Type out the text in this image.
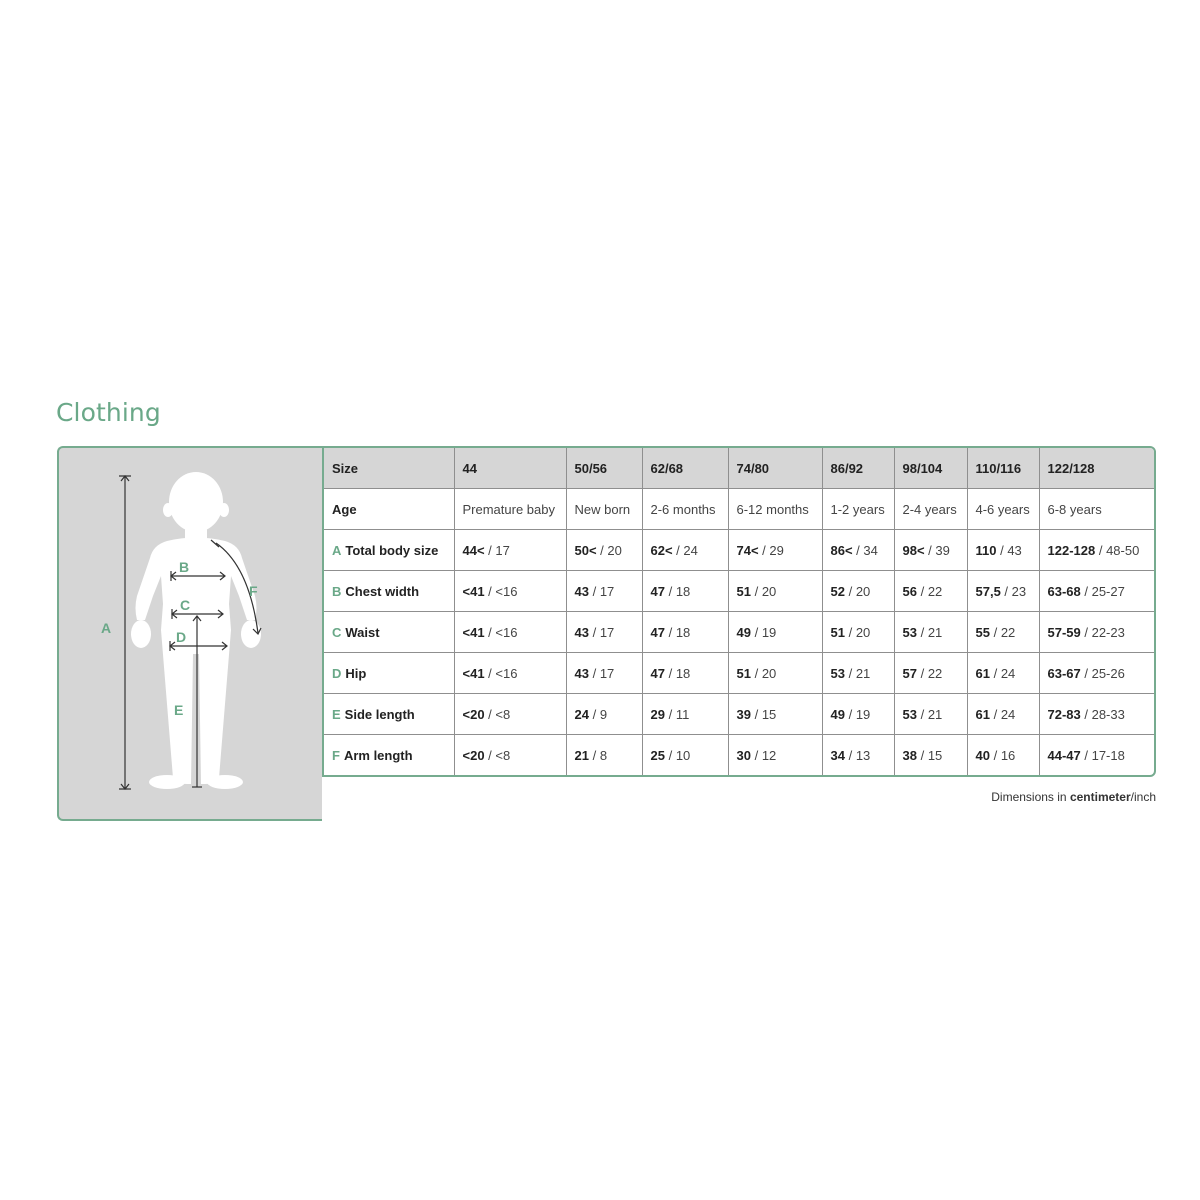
Clothing
A
B
C
D
E
F
Size	44	50/56	62/68	74/80	86/92	98/104	110/116	122/128
Age	Premature baby	New born	2-6 months	6-12 months	1-2 years	2-4 years	4-6 years	6-8 years
A Total body size	44< / 17	50< / 20	62< / 24	74< / 29	86< / 34	98< / 39	110 / 43	122-128 / 48-50
B Chest width	<41 / <16	43 / 17	47 / 18	51 / 20	52 / 20	56 / 22	57,5 / 23	63-68 / 25-27
C Waist	<41 / <16	43 / 17	47 / 18	49 / 19	51 / 20	53 / 21	55 / 22	57-59 / 22-23
D Hip	<41 / <16	43 / 17	47 / 18	51 / 20	53 / 21	57 / 22	61 / 24	63-67 / 25-26
E Side length	<20 / <8	24 / 9	29 / 11	39 / 15	49 / 19	53 / 21	61 / 24	72-83 / 28-33
F Arm length	<20 / <8	21 / 8	25 / 10	30 / 12	34 / 13	38 / 15	40 / 16	44-47 / 17-18
Dimensions in centimeter/inch
